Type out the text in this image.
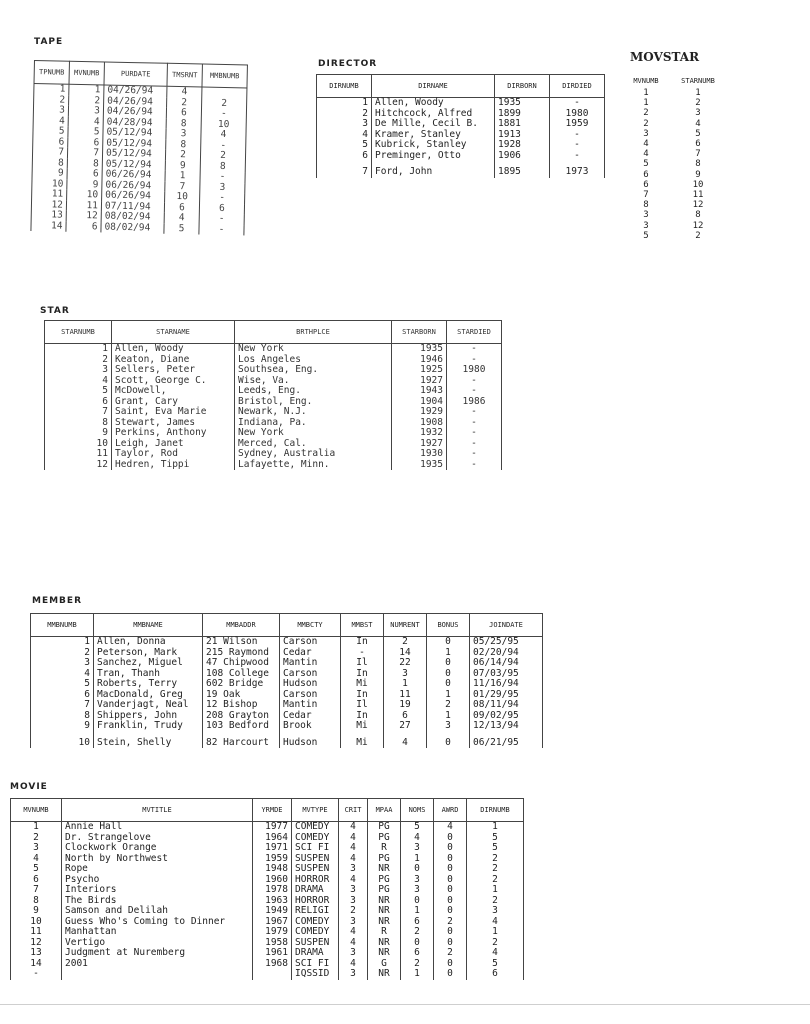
TAPE
TPNUMB	MVNUMB	PURDATE	TMSRNT	MMBNUMB
1	1	04/26/94	4	
2	2	04/26/94	2	2
3	3	04/26/94	6	-
4	4	04/28/94	8	10
5	5	05/12/94	3	4
6	6	05/12/94	8	-
7	7	05/12/94	2	2
8	8	05/12/94	9	8
9	6	06/26/94	1	-
10	9	06/26/94	7	3
11	10	06/26/94	10	-
12	11	07/11/94	6	6
13	12	08/02/94	4	-
14	6	08/02/94	5	-
DIRECTOR
DIRNUMB	DIRNAME	DIRBORN	DIRDIED
1	Allen, Woody	1935	-
2	Hitchcock, Alfred	1899	1980
3	De Mille, Cecil B.	1881	1959
4	Kramer, Stanley	1913	-
5	Kubrick, Stanley	1928	-
6	Preminger, Otto	1906	-
7	Ford, John	1895	1973
MOVSTAR
MVNUMB	STARNUMB
1	1
1	2
2	3
2	4
3	5
4	6
4	7
5	8
6	9
6	10
7	11
8	12
3	8
3	12
5	2
STAR
STARNUMB	STARNAME	BRTHPLCE	STARBORN	STARDIED
1	Allen, Woody	New York	1935	-
2	Keaton, Diane	Los Angeles	1946	-
3	Sellers, Peter	Southsea, Eng.	1925	1980
4	Scott, George C.	Wise, Va.	1927	-
5	McDowell,	Leeds, Eng.	1943	-
6	Grant, Cary	Bristol, Eng.	1904	1986
7	Saint, Eva Marie	Newark, N.J.	1929	-
8	Stewart, James	Indiana, Pa.	1908	-
9	Perkins, Anthony	New York	1932	-
10	Leigh, Janet	Merced, Cal.	1927	-
11	Taylor, Rod	Sydney, Australia	1930	-
12	Hedren, Tippi	Lafayette, Minn.	1935	-
MEMBER
MMBNUMB	MMBNAME	MMBADDR	MMBCTY	MMBST	NUMRENT	BONUS	JOINDATE
1	Allen, Donna	21 Wilson	Carson	In	2	0	05/25/95
2	Peterson, Mark	215 Raymond	Cedar	-	14	1	02/20/94
3	Sanchez, Miguel	47 Chipwood	Mantin	Il	22	0	06/14/94
4	Tran, Thanh	108 College	Carson	In	3	0	07/03/95
5	Roberts, Terry	602 Bridge	Hudson	Mi	1	0	11/16/94
6	MacDonald, Greg	19 Oak	Carson	In	11	1	01/29/95
7	Vanderjagt, Neal	12 Bishop	Mantin	Il	19	2	08/11/94
8	Shippers, John	208 Grayton	Cedar	In	6	1	09/02/95
9	Franklin, Trudy	103 Bedford	Brook	Mi	27	3	12/13/94
10	Stein, Shelly	82 Harcourt	Hudson	Mi	4	0	06/21/95
MOVIE
MVNUMB	MVTITLE	YRMDE	MVTYPE	CRIT	MPAA	NOMS	AWRD	DIRNUMB
1	Annie Hall	1977	COMEDY	4	PG	5	4	1
2	Dr. Strangelove	1964	COMEDY	4	PG	4	0	5
3	Clockwork Orange	1971	SCI FI	4	R	3	0	5
4	North by Northwest	1959	SUSPEN	4	PG	1	0	2
5	Rope	1948	SUSPEN	3	NR	0	0	2
6	Psycho	1960	HORROR	4	PG	3	0	2
7	Interiors	1978	DRAMA	3	PG	3	0	1
8	The Birds	1963	HORROR	3	NR	0	0	2
9	Samson and Delilah	1949	RELIGI	2	NR	1	0	3
10	Guess Who's Coming to Dinner	1967	COMEDY	3	NR	6	2	4
11	Manhattan	1979	COMEDY	4	R	2	0	1
12	Vertigo	1958	SUSPEN	4	NR	0	0	2
13	Judgment at Nuremberg	1961	DRAMA	3	NR	6	2	4
14	2001	1968	SCI FI	4	G	2	0	5
-			IQSSID	3	NR	1	0	6
